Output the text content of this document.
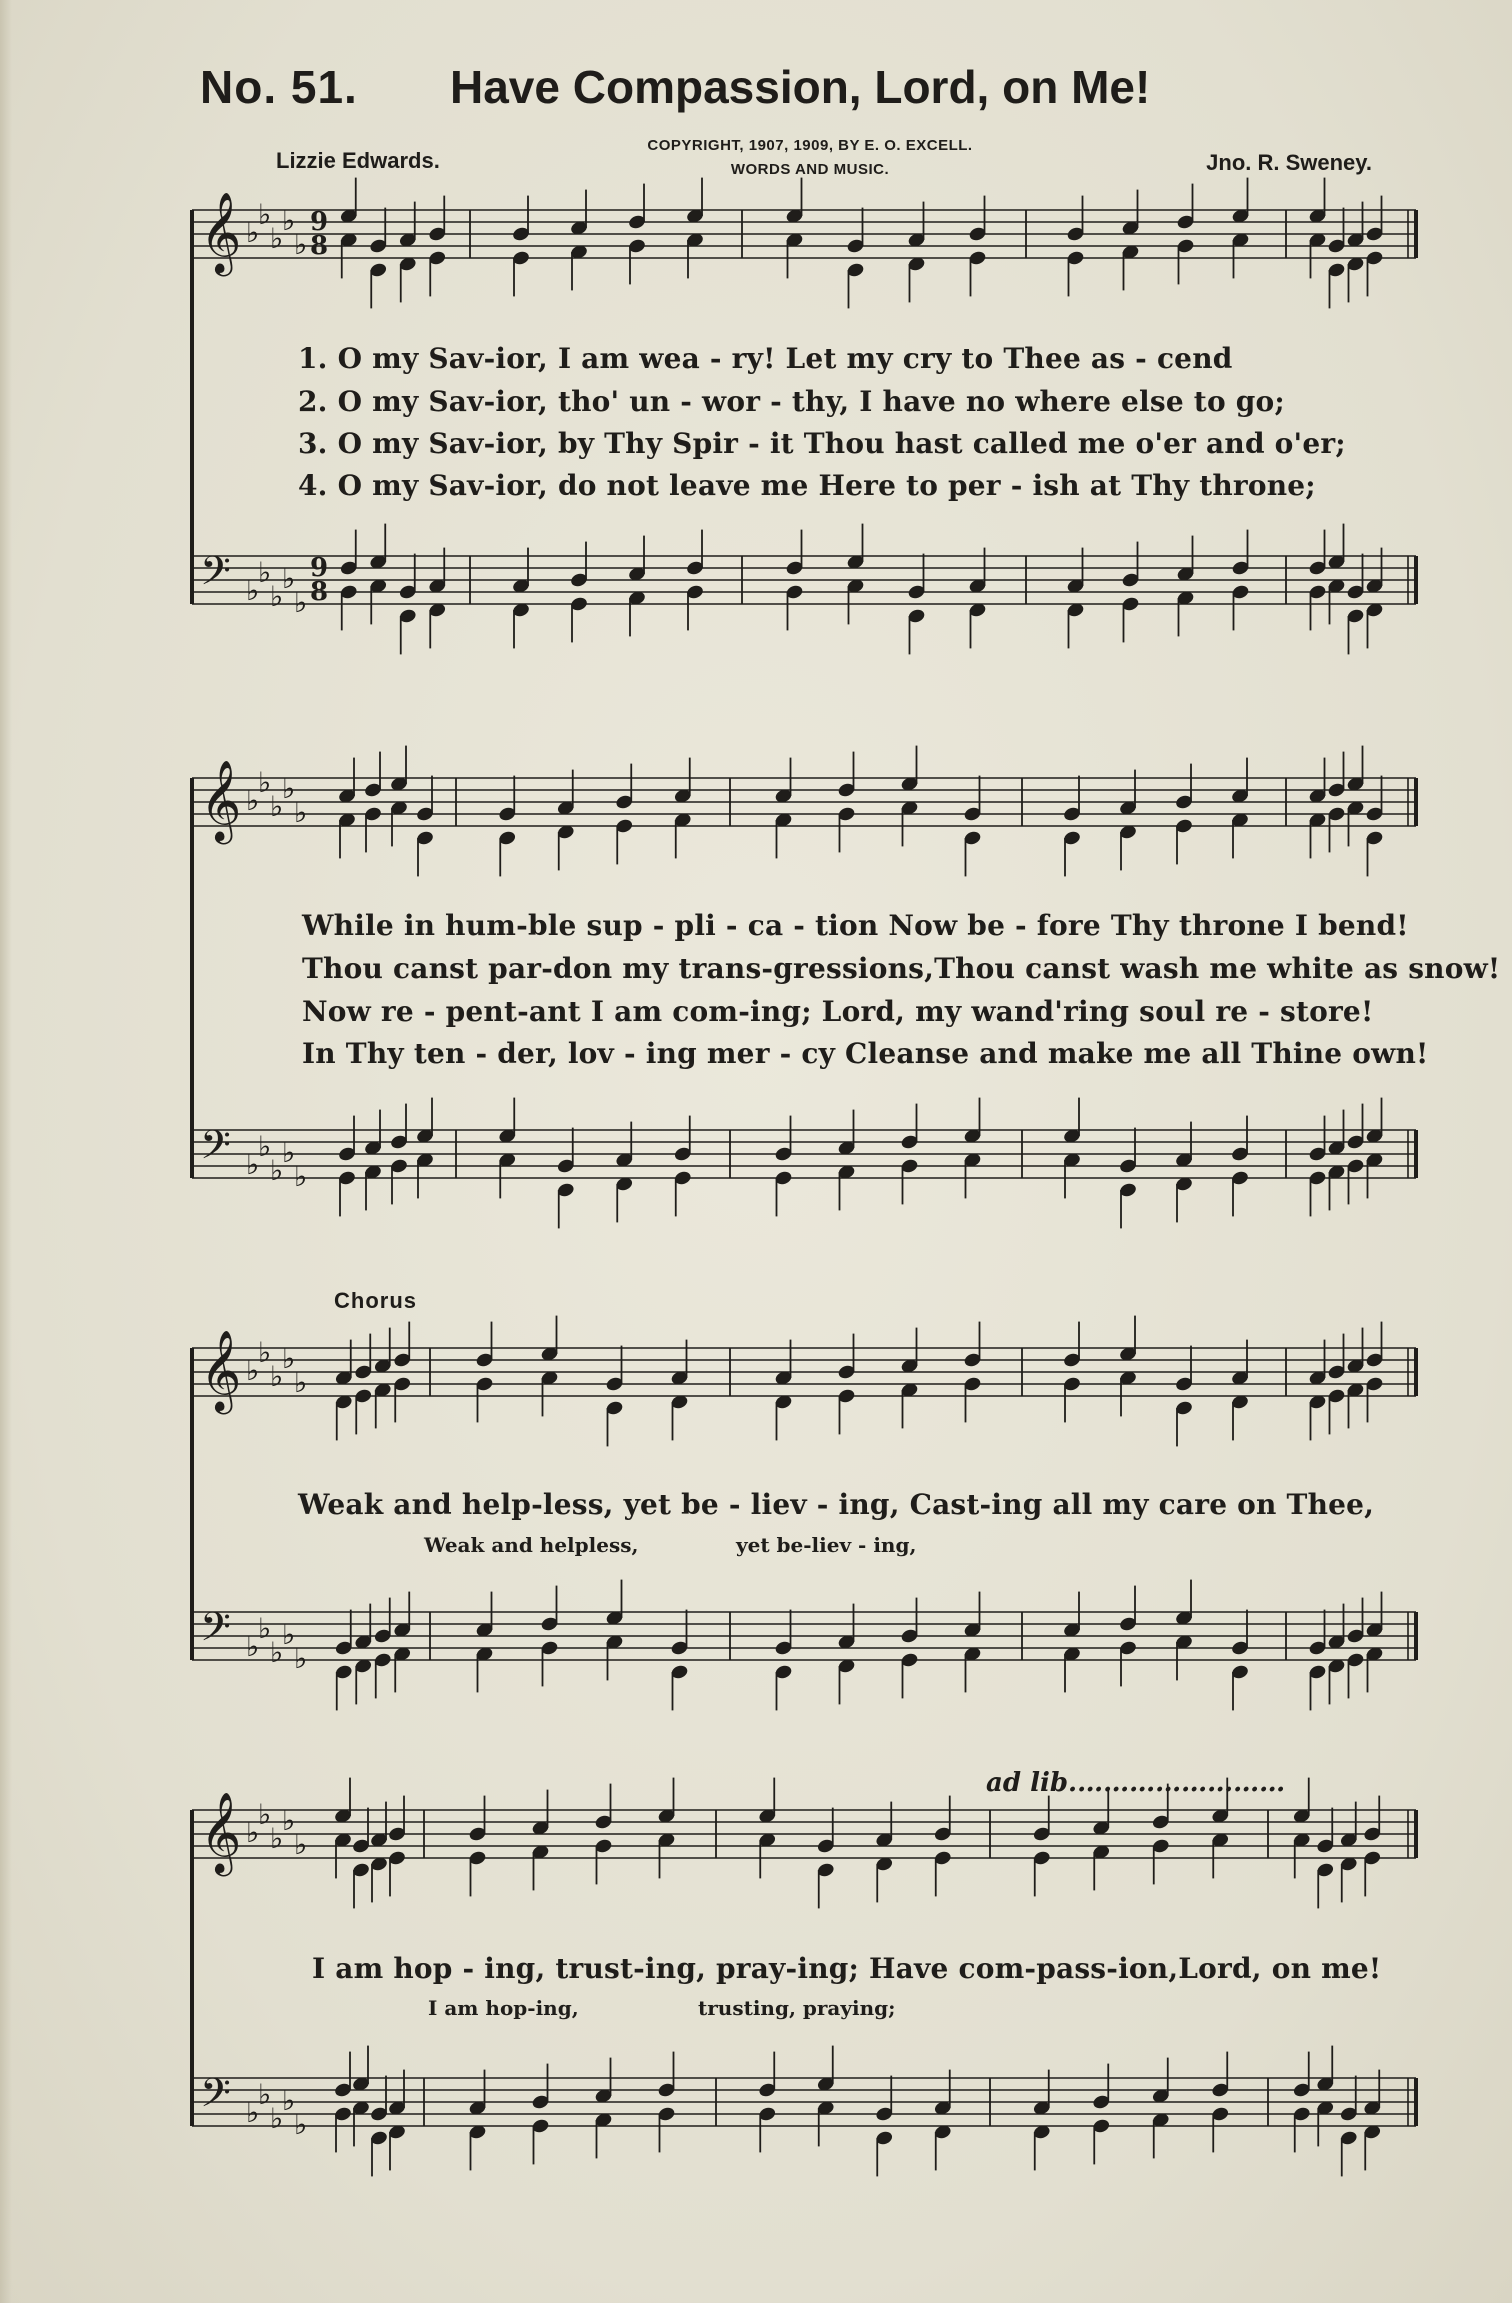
No. 51. Have Compassion, Lord, on Me!
Lizzie Edwards.
COPYRIGHT, 1907, 1909, BY E. O. EXCELL.
WORDS AND MUSIC.	Jno. R. Sweney.
𝄞 ♭
♭
♭
♭
♭
𝄢 ♭
♭
♭
♭
♭
𝄞 ♭
♭
♭
♭
♭
𝄢 ♭
♭
♭
♭
♭
𝄞 ♭
♭
♭
♭
♭
𝄢 ♭
♭
♭
♭
♭
𝄞 ♭
♭
♭
♭
♭
𝄢 ♭
♭
♭
♭
♭
9
8
9
8
1. O my Sav-ior, I am wea - ry! Let my cry to Thee as - cend
2. O my Sav-ior, tho' un - wor - thy, I have no where else to go;
3. O my Sav-ior, by Thy Spir - it Thou hast called me o'er and o'er;
4. O my Sav-ior, do not leave me Here to per - ish at Thy throne;
While in hum-ble sup - pli - ca - tion Now be - fore Thy throne I bend!
Thou canst par-don my trans-gressions,Thou canst wash me white as snow!
Now re - pent-ant I am com-ing; Lord, my wand'ring soul re - store!
In Thy ten - der, lov - ing mer - cy Cleanse and make me all Thine own!
Chorus
Weak and help-less, yet be - liev - ing, Cast-ing all my care on Thee,
Weak and helpless,	yet be-liev - ing,
ad lib.……………………
I am hop - ing, trust-ing, pray-ing; Have com-pass-ion,Lord, on me!
I am hop-ing,	trusting, praying;
